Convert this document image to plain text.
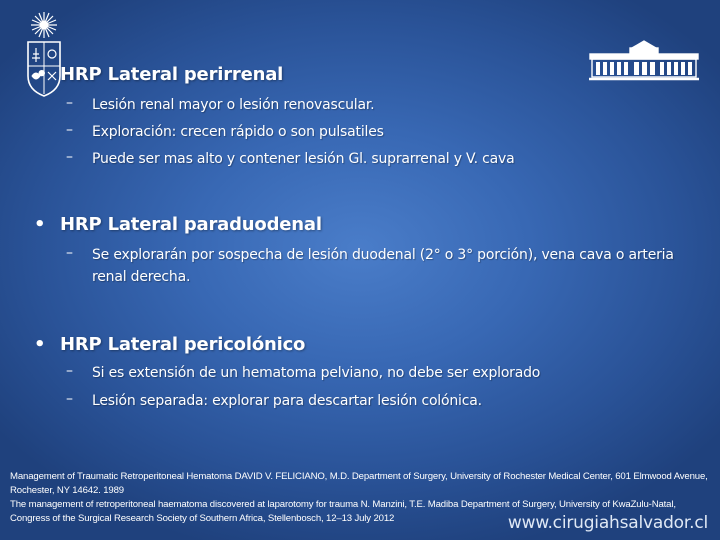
• HRP Lateral perirrenal
– Lesión renal mayor o lesión renovascular.
– Exploración: crecen rápido o son pulsatiles
– Puede ser mas alto y contener lesión Gl. suprarrenal y V. cava
• HRP Lateral paraduodenal
– Se explorarán por sospecha de lesión duodenal (2° o 3° porción), vena cava o arteria renal derecha.
• HRP Lateral pericolónico
– Si es extensión de un hematoma pelviano, no debe ser explorado
– Lesión separada: explorar para descartar lesión colónica.
Management of Traumatic Retroperitoneal Hematoma DAVID V. FELICIANO, M.D. Department of Surgery, University of Rochester Medical Center, 601 Elmwood Avenue, Rochester, NY 14642. 1989
The management of retroperitoneal haematoma discovered at laparotomy for trauma N. Manzini, T.E. Madiba Department of Surgery, University of KwaZulu-Natal, Congress of the Surgical Research Society of Southern Africa, Stellenbosch, 12–13 July 2012	www.cirugiahsalvador.cl
